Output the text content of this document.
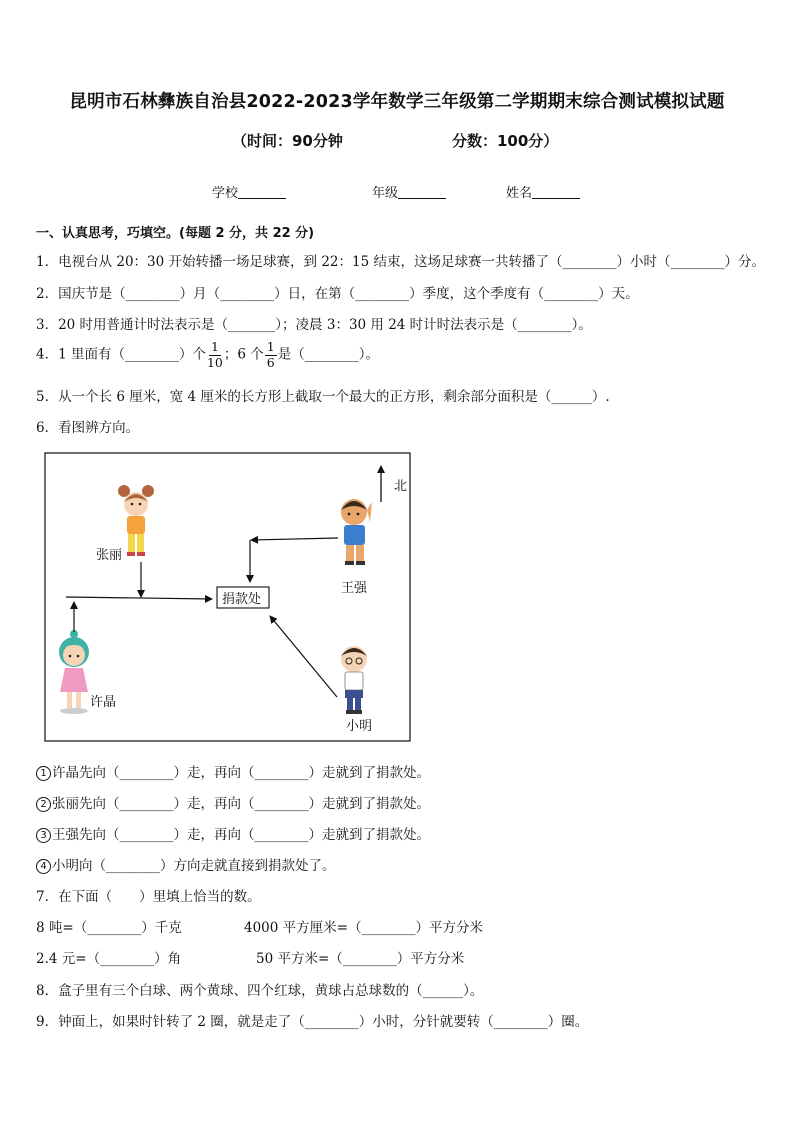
昆明市石林彝族自治县2022-2023学年数学三年级第二学期期末综合测试模拟试题
（时间：90分钟	分数：100分）
学校	年级	姓名
一、认真思考，巧填空。(每题 2 分，共 22 分)
1．电视台从 20：30 开始转播一场足球赛，到 22：15 结束，这场足球赛一共转播了（________）小时（________）分。
2．国庆节是（________）月（________）日，在第（________）季度，这个季度有（________）天。
3．20 时用普通计时法表示是（_______）；凌晨 3：30 用 24 时计时法表示是（________）。
4．1 里面有（________）个 $\frac{1}{10}$ ；6 个 $\frac{1}{6}$ 是（________）。
5．从一个长 6 厘米，宽 4 厘米的长方形上截取一个最大的正方形，剩余部分面积是（______）.
6．看图辨方向。
北
张丽
王强
许晶
小明
捐款处
1 许晶先向（________）走，再向（________）走就到了捐款处。
2 张丽先向（________）走，再向（________）走就到了捐款处。
3 王强先向（________）走，再向（________）走就到了捐款处。
4 小明向（________）方向走就直接到捐款处了。
7．在下面（　　）里填上恰当的数。
8 吨=（________）千克	4000 平方厘米=（________）平方分米
2.4 元=（________）角	50 平方米=（________）平方分米
8．盒子里有三个白球、两个黄球、四个红球，黄球占总球数的（______）。
9．钟面上，如果时针转了 2 圈，就是走了（________）小时，分针就要转（________）圈。
